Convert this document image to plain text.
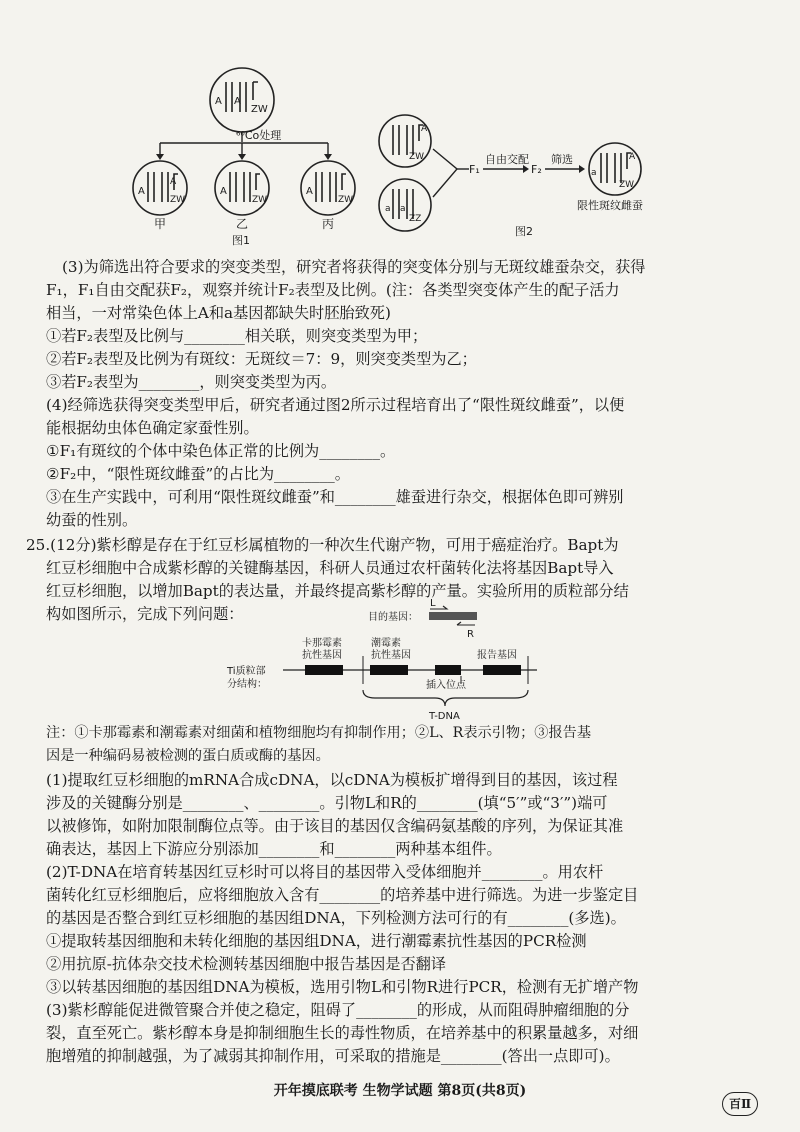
A A
ZW
⁶⁰Co处理
A
A
ZW
A
ZW
A
ZW
甲	乙	丙
图1
A
ZW
a a
ZZ
F₁
自由交配
F₂
筛选	A
a
ZW
限性斑纹雌蚕
图2
(3)为筛选出符合要求的突变类型，研究者将获得的突变体分别与无斑纹雄蚕杂交，获得
F₁，F₁自由交配获F₂，观察并统计F₂表型及比例。(注：各类型突变体产生的配子活力
相当，一对常染色体上A和a基因都缺失时胚胎致死)
①若F₂表型及比例与________相关联，则突变类型为甲；
②若F₂表型及比例为有斑纹：无斑纹＝7：9，则突变类型为乙；
③若F₂表型为________，则突变类型为丙。
(4)经筛选获得突变类型甲后，研究者通过图2所示过程培育出了“限性斑纹雌蚕”，以便
能根据幼虫体色确定家蚕性别。
①F₁有斑纹的个体中染色体正常的比例为________。
②F₂中，“限性斑纹雌蚕”的占比为________。
③在生产实践中，可利用“限性斑纹雌蚕”和________雄蚕进行杂交，根据体色即可辨别
幼蚕的性别。
25.(12分)紫杉醇是存在于红豆杉属植物的一种次生代谢产物，可用于癌症治疗。Bapt为
红豆杉细胞中合成紫杉醇的关键酶基因，科研人员通过农杆菌转化法将基因Bapt导入
红豆杉细胞，以增加Bapt的表达量，并最终提高紫杉醇的产量。实验所用的质粒部分结
构如图所示，完成下列问题：	目的基因：
L
R
卡那霉素
抗性基因
潮霉素
抗性基因	报告基因
Ti质粒部
分结构：	插入位点
T-DNA
注：①卡那霉素和潮霉素对细菌和植物细胞均有抑制作用；②L、R表示引物；③报告基
因是一种编码易被检测的蛋白质或酶的基因。
(1)提取红豆杉细胞的mRNA合成cDNA，以cDNA为模板扩增得到目的基因，该过程
涉及的关键酶分别是________、________。引物L和R的________(填“5′”或“3′”)端可
以被修饰，如附加限制酶位点等。由于该目的基因仅含编码氨基酸的序列，为保证其准
确表达，基因上下游应分别添加________和________两种基本组件。
(2)T-DNA在培育转基因红豆杉时可以将目的基因带入受体细胞并________。用农杆
菌转化红豆杉细胞后，应将细胞放入含有________的培养基中进行筛选。为进一步鉴定目
的基因是否整合到红豆杉细胞的基因组DNA，下列检测方法可行的有________(多选)。
①提取转基因细胞和未转化细胞的基因组DNA，进行潮霉素抗性基因的PCR检测
②用抗原-抗体杂交技术检测转基因细胞中报告基因是否翻译
③以转基因细胞的基因组DNA为模板，选用引物L和引物R进行PCR，检测有无扩增产物
(3)紫杉醇能促进微管聚合并使之稳定，阻碍了________的形成，从而阻碍肿瘤细胞的分
裂，直至死亡。紫杉醇本身是抑制细胞生长的毒性物质，在培养基中的积累量越多，对细
胞增殖的抑制越强，为了减弱其抑制作用，可采取的措施是________(答出一点即可)。
开年摸底联考 生物学试题 第8页(共8页)
百Ⅱ
